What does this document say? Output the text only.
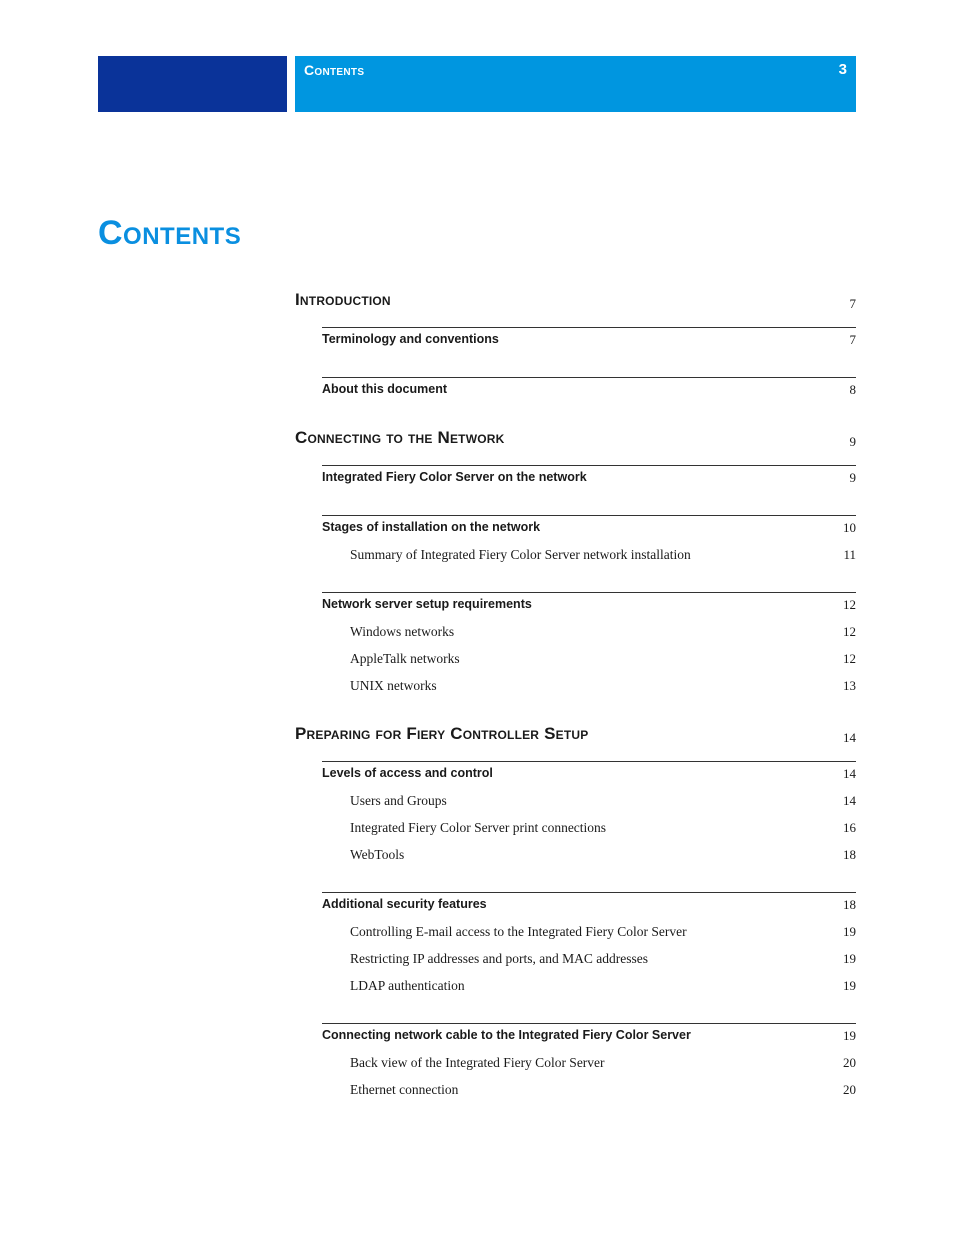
Contents	3
Contents
Introduction	7
Terminology and conventions	7
About this document	8
Connecting to the Network	9
Integrated Fiery Color Server on the network	9
Stages of installation on the network	10
Summary of Integrated Fiery Color Server network installation	11
Network server setup requirements	12
Windows networks	12
AppleTalk networks	12
UNIX networks	13
Preparing for Fiery Controller Setup	14
Levels of access and control	14
Users and Groups	14
Integrated Fiery Color Server print connections	16
WebTools	18
Additional security features	18
Controlling E-mail access to the Integrated Fiery Color Server	19
Restricting IP addresses and ports, and MAC addresses	19
LDAP authentication	19
Connecting network cable to the Integrated Fiery Color Server	19
Back view of the Integrated Fiery Color Server	20
Ethernet connection	20
